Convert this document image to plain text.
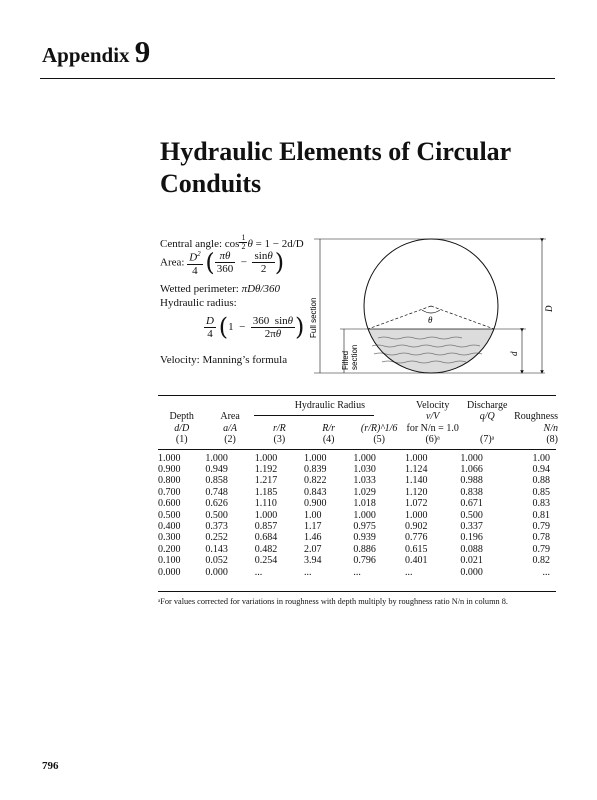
Appendix 9
Hydraulic Elements of Circular Conduits
Central angle: $\cos \frac{1}{2}$ θ = 1 − 2d/D
Area: $\frac{D^2}{4}$ ( $\frac{\pi\theta}{360} - \frac{\sin\theta}{2}$ )
Wetted perimeter: πDθ/360
Hydraulic radius:
$\frac{D}{4} (1 - \frac{360 \sin\theta}{2\pi\theta}$ )
Velocity: Manning’s formula
θ
Full section
Filled section
D
d
		Hydraulic Radius			Velocity	Discharge	
Depth	Area				v/V	q/Q	Roughness
d/D	a/A	r/R	R/r	(r/R)^1/6	for N/n = 1.0		N/n
(1)	(2)	(3)	(4)	(5)	(6)ᵃ	(7)ᵃ	(8)

1.000	1.000	1.000	1.000	1.000	1.000	1.000	1.00
0.900	0.949	1.192	0.839	1.030	1.124	1.066	0.94
0.800	0.858	1.217	0.822	1.033	1.140	0.988	0.88
0.700	0.748	1.185	0.843	1.029	1.120	0.838	0.85
0.600	0.626	1.110	0.900	1.018	1.072	0.671	0.83
0.500	0.500	1.000	1.00	1.000	1.000	0.500	0.81
0.400	0.373	0.857	1.17	0.975	0.902	0.337	0.79
0.300	0.252	0.684	1.46	0.939	0.776	0.196	0.78
0.200	0.143	0.482	2.07	0.886	0.615	0.088	0.79
0.100	0.052	0.254	3.94	0.796	0.401	0.021	0.82
0.000	0.000	...	...	...	...	0.000	...
ᵃFor values corrected for variations in roughness with depth multiply by roughness ratio N/n in column 8.
796
